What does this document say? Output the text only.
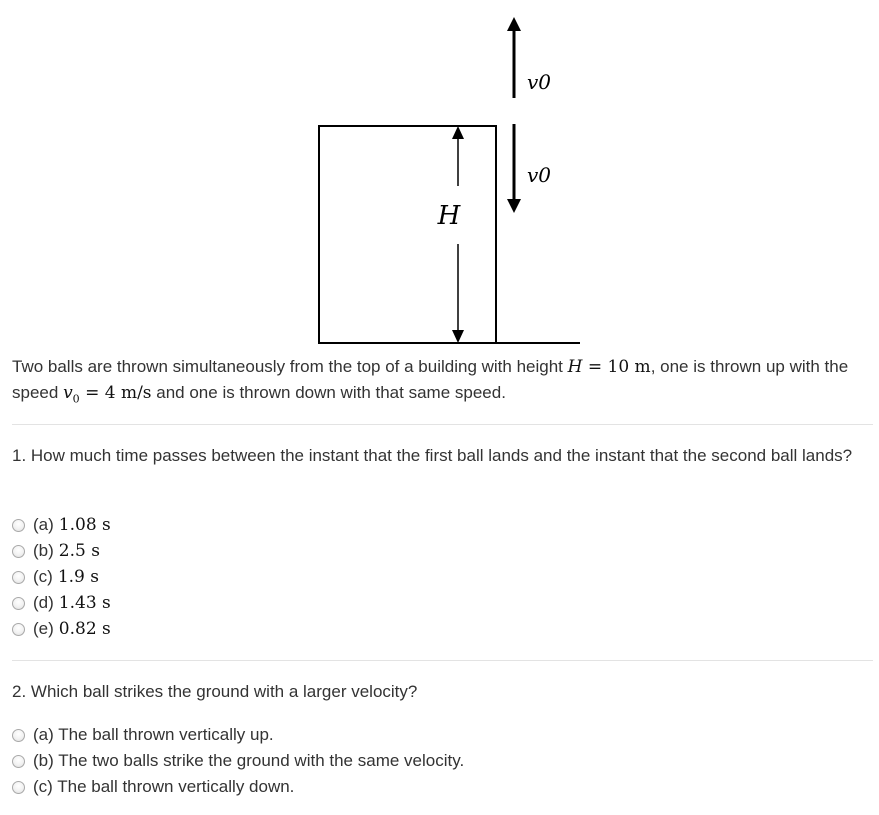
H
v0
v0

Two balls are thrown simultaneously from the top of a building with height H = 10 m, one is thrown up with the speed $v_0 = 4$ m/s and one is thrown down with that same speed.

1. How much time passes between the instant that the first ball lands and the instant that the second ball lands?

(a) 1.08 s
(b) 2.5 s
(c) 1.9 s
(d) 1.43 s
(e) 0.82 s

2. Which ball strikes the ground with a larger velocity?

(a) The ball thrown vertically up.
(b) The two balls strike the ground with the same velocity.
(c) The ball thrown vertically down.
